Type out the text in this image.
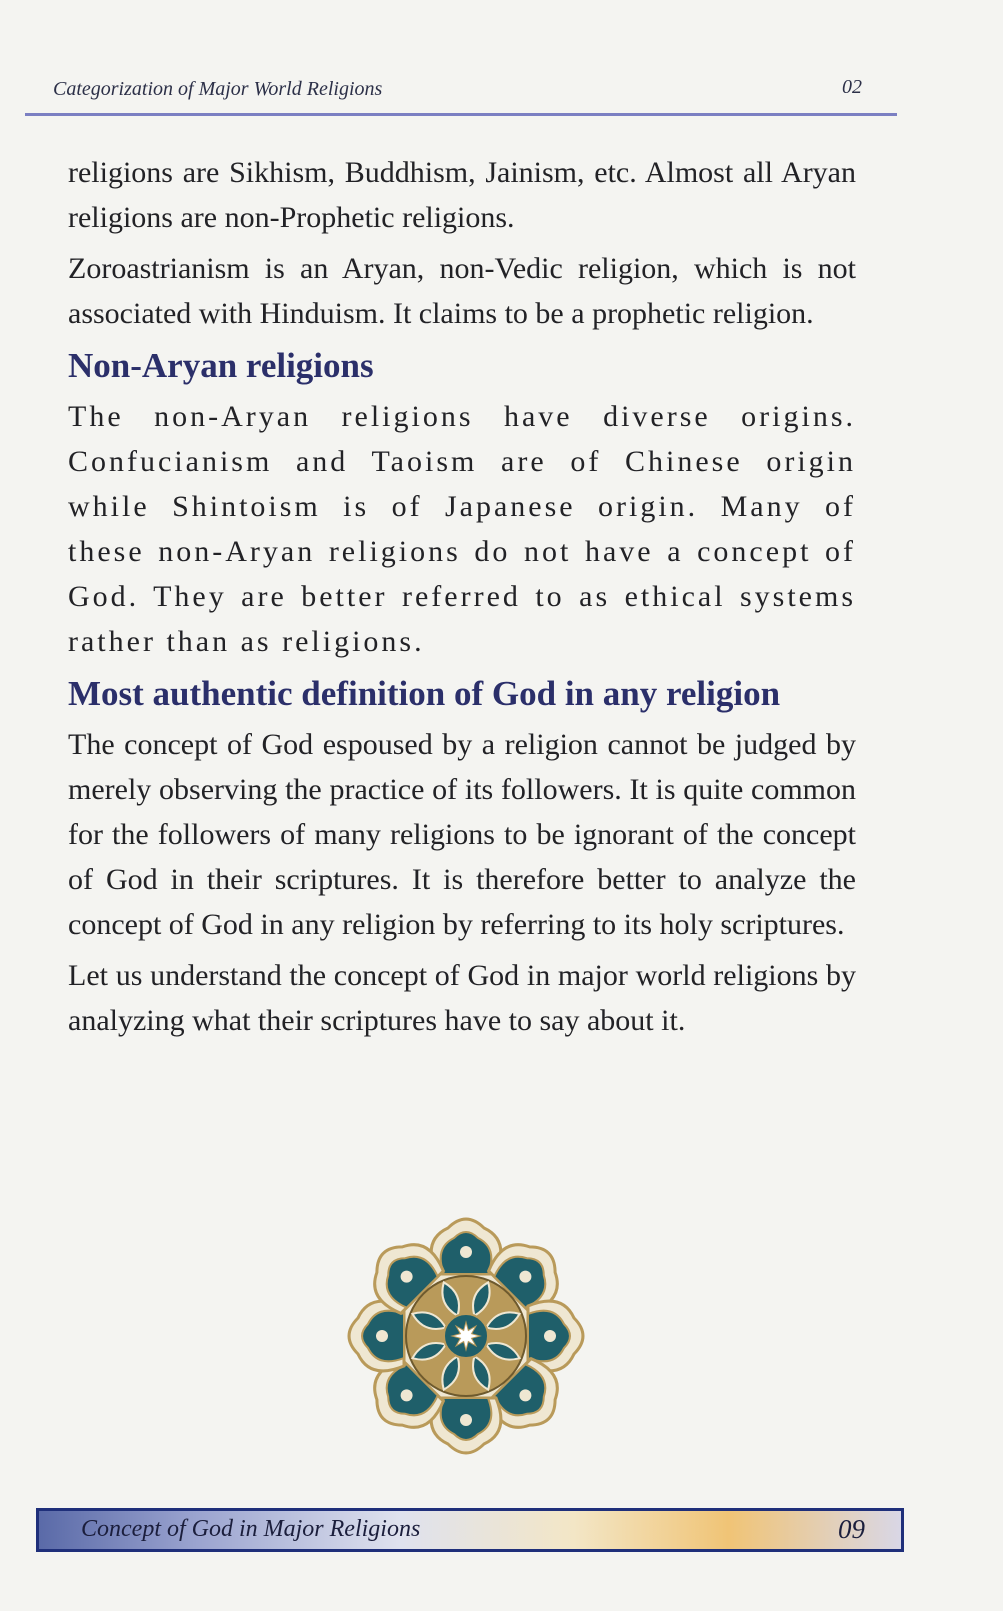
Categorization of Major World Religions	02

religions are Sikhism, Buddhism, Jainism, etc. Almost all Aryan religions are non-Prophetic religions.

Zoroastrianism is an Aryan, non-Vedic religion, which is not associated with Hinduism. It claims to be a prophetic religion.

Non-Aryan religions

The non-Aryan religions have diverse origins. Confucianism and Taoism are of Chinese origin while Shintoism is of Japanese origin. Many of these non-Aryan religions do not have a concept of God. They are better referred to as ethical systems rather than as religions.

Most authentic definition of God in any religion

The concept of God espoused by a religion cannot be judged by merely observing the practice of its followers. It is quite common for the followers of many religions to be ignorant of the concept of God in their scriptures. It is therefore better to analyze the concept of God in any religion by referring to its holy scriptures.

Let us understand the concept of God in major world religions by analyzing what their scriptures have to say about it.

Concept of God in Major Religions	09
